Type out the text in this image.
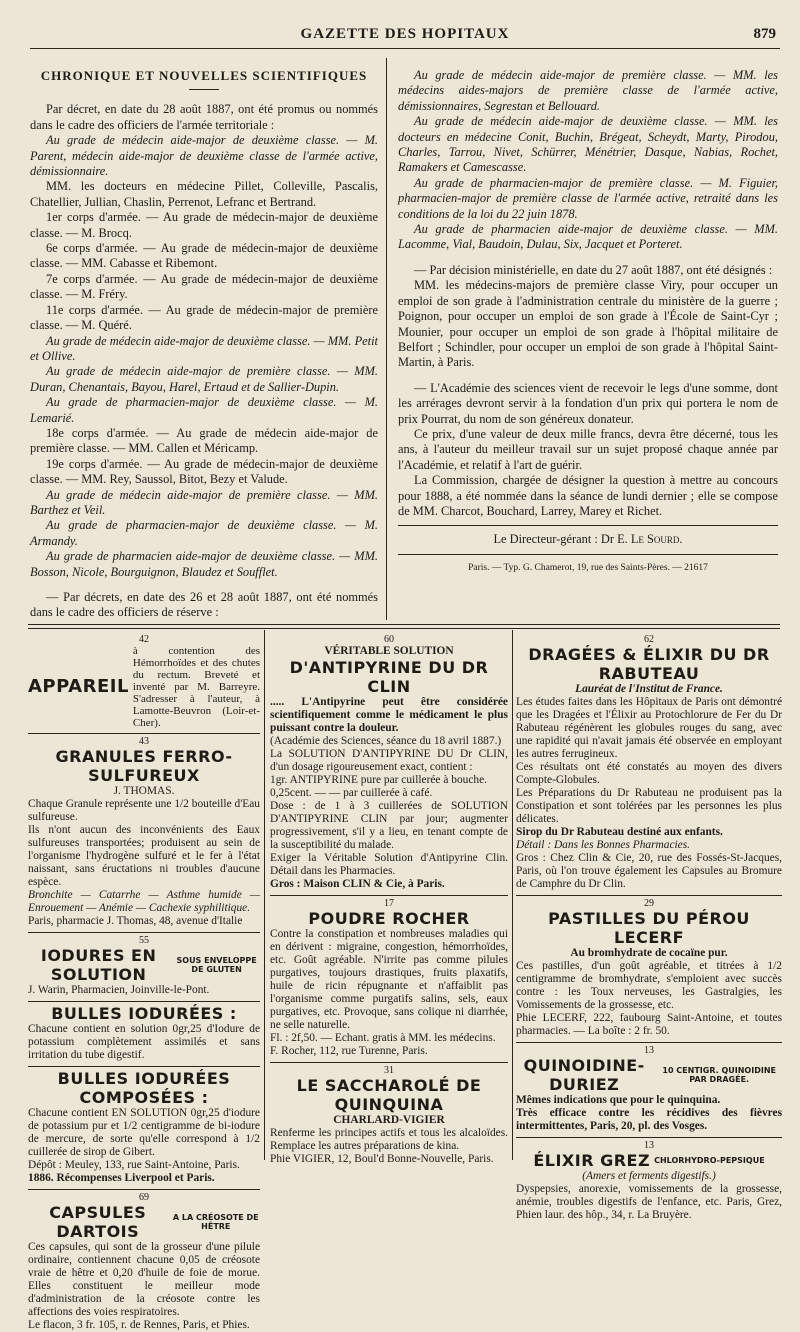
GAZETTE DES HOPITAUX	879
CHRONIQUE ET NOUVELLES SCIENTIFIQUES

Par décret, en date du 28 août 1887, ont été promus ou nommés dans le cadre des officiers de l'armée territoriale :

Au grade de médecin aide-major de deuxième classe. — M. Parent, médecin aide-major de deuxième classe de l'armée active, démissionnaire.

MM. les docteurs en médecine Pillet, Colleville, Pascalis, Chatellier, Jullian, Chaslin, Perrenot, Lefranc et Bertrand.

1er corps d'armée. — Au grade de médecin-major de deuxième classe. — M. Brocq.

6e corps d'armée. — Au grade de médecin-major de deuxième classe. — MM. Cabasse et Ribemont.

7e corps d'armée. — Au grade de médecin-major de deuxième classe. — M. Fréry.

11e corps d'armée. — Au grade de médecin-major de première classe. — M. Quéré.

Au grade de médecin aide-major de deuxième classe. — MM. Petit et Ollive.

Au grade de médecin aide-major de première classe. — MM. Duran, Chenantais, Bayou, Harel, Ertaud et de Sallier-Dupin.

Au grade de pharmacien-major de deuxième classe. — M. Lemarié.

18e corps d'armée. — Au grade de médecin aide-major de première classe. — MM. Callen et Méricamp.

19e corps d'armée. — Au grade de médecin-major de deuxième classe. — MM. Rey, Saussol, Bitot, Bezy et Valude.

Au grade de médecin aide-major de première classe. — MM. Barthez et Veil.

Au grade de pharmacien-major de deuxième classe. — M. Armandy.

Au grade de pharmacien aide-major de deuxième classe. — MM. Bosson, Nicole, Bourguignon, Blaudez et Soufflet.

— Par décrets, en date des 26 et 28 août 1887, ont été nommés dans le cadre des officiers de réserve :

Au grade de médecin aide-major de première classe. — MM. les médecins aides-majors de première classe de l'armée active, démissionnaires, Segrestan et Bellouard.

Au grade de médecin aide-major de deuxième classe. — MM. les docteurs en médecine Conit, Buchin, Brégeat, Scheydt, Marty, Pirodou, Charles, Tarrou, Nivet, Schürrer, Ménétrier, Dasque, Nabias, Rochet, Ramakers et Camescasse.

Au grade de pharmacien-major de première classe. — M. Figuier, pharmacien-major de première classe de l'armée active, retraité dans les conditions de la loi du 22 juin 1878.

Au grade de pharmacien aide-major de deuxième classe. — MM. Lacomme, Vial, Baudoin, Dulau, Six, Jacquet et Porteret.

— Par décision ministérielle, en date du 27 août 1887, ont été désignés :

MM. les médecins-majors de première classe Viry, pour occuper un emploi de son grade à l'administration centrale du ministère de la guerre ; Poignon, pour occuper un emploi de son grade à l'École de Saint-Cyr ; Mounier, pour occuper un emploi de son grade à l'hôpital militaire de Belfort ; Schindler, pour occuper un emploi de son grade à l'hôpital Saint-Martin, à Paris.

— L'Académie des sciences vient de recevoir le legs d'une somme, dont les arrérages devront servir à la fondation d'un prix qui portera le nom de prix Pourrat, du nom de son généreux donateur.

Ce prix, d'une valeur de deux mille francs, devra être décerné, tous les ans, à l'auteur du meilleur travail sur un sujet proposé chaque année par l'Académie, et relatif à l'art de guérir.

La Commission, chargée de désigner la question à mettre au concours pour 1888, a été nommée dans la séance de lundi dernier ; elle se compose de MM. Charcot, Bouchard, Larrey, Marey et Richet.

Le Directeur-gérant : Dr E. Le Sourd.
Paris. — Typ. G. Chamerot, 19, rue des Saints-Pères. — 21617
42
APPAREIL

à contention des Hémorrhoïdes et des chutes du rectum. Breveté et inventé par M. Barreyre. S'adresser à l'auteur, à Lamotte-Beuvron (Loir-et-Cher).

43
GRANULES FERRO-SULFUREUX
J. THOMAS.

Chaque Granule représente une 1/2 bouteille d'Eau sulfureuse.

Ils n'ont aucun des inconvénients des Eaux sulfureuses transportées; produisent au sein de l'organisme l'hydrogène sulfuré et le fer à l'état naissant, sans éructations ni troubles d'aucune espèce.

Bronchite — Catarrhe — Asthme humide — Enrouement — Anémie — Cachexie syphilitique.

Paris, pharmacie J. Thomas, 48, avenue d'Italie

55
IODURES EN SOLUTION
SOUS ENVELOPPE DE GLUTEN

J. Warin, Pharmacien, Joinville-le-Pont.

BULLES IODURÉES :

Chacune contient en solution 0gr,25 d'Iodure de potassium complètement assimilés et sans irritation du tube digestif.

BULLES IODURÉES COMPOSÉES :

Chacune contient EN SOLUTION 0gr,25 d'iodure de potassium pur et 1/2 centigramme de bi-iodure de mercure, de sorte qu'elle correspond à 1/2 cuillerée de sirop de Gibert.

Dépôt : Meuley, 133, rue Saint-Antoine, Paris.

1886. Récompenses Liverpool et Paris.

69
CAPSULES DARTOIS
A LA CRÉOSOTE DE HÊTRE

Ces capsules, qui sont de la grosseur d'une pilule ordinaire, contiennent chacune 0,05 de créosote vraie de hêtre et 0,20 d'huile de foie de morue. Elles constituent le meilleur mode d'administration de la créosote contre les affections des voies respiratoires.

Le flacon, 3 fr. 105, r. de Rennes, Paris, et Phies.

60
VÉRITABLE SOLUTION
D'ANTIPYRINE DU DR CLIN

..... L'Antipyrine peut être considérée scientifiquement comme le médicament le plus puissant contre la douleur.

(Académie des Sciences, séance du 18 avril 1887.)

La SOLUTION D'ANTIPYRINE DU Dr CLIN, d'un dosage rigoureusement exact, contient :

1gr. ANTIPYRINE pure par cuillerée à bouche.

0,25cent. — — par cuillerée à café.

Dose : de 1 à 3 cuillerées de SOLUTION D'ANTIPYRINE CLIN par jour; augmenter progressivement, s'il y a lieu, en tenant compte de la susceptibilité du malade.

Exiger la Véritable Solution d'Antipyrine Clin. Détail dans les Pharmacies.

Gros : Maison CLIN & Cie, à Paris.

17
POUDRE ROCHER

Contre la constipation et nombreuses maladies qui en dérivent : migraine, congestion, hémorrhoïdes, etc. Goût agréable. N'irrite pas comme pilules purgatives, toujours drastiques, fruits plaxatifs, huile de ricin répugnante et n'affaiblit pas l'organisme comme purgatifs salins, sels, eaux purgatives, etc. Provoque, sans colique ni diarrhée, ne selle naturelle.

Fl. : 2f,50. — Echant. gratis à MM. les médecins.

F. Rocher, 112, rue Turenne, Paris.

31
LE SACCHAROLÉ DE QUINQUINA
CHARLARD-VIGIER

Renferme les principes actifs et tous les alcaloïdes. Remplace les autres préparations de kina.

Phie VIGIER, 12, Boul'd Bonne-Nouvelle, Paris.

62
DRAGÉES & ÉLIXIR DU DR RABUTEAU
Lauréat de l'Institut de France.

Les études faites dans les Hôpitaux de Paris ont démontré que les Dragées et l'Élixir au Protochlorure de Fer du Dr Rabuteau régénèrent les globules rouges du sang, avec une rapidité qui n'avait jamais été observée en employant les autres ferrugineux.

Ces résultats ont été constatés au moyen des divers Compte-Globules.

Les Préparations du Dr Rabuteau ne produisent pas la Constipation et sont tolérées par les personnes les plus délicates.

Sirop du Dr Rabuteau destiné aux enfants.

Détail : Dans les Bonnes Pharmacies.

Gros : Chez Clin & Cie, 20, rue des Fossés-St-Jacques, Paris, où l'on trouve également les Capsules au Bromure de Camphre du Dr Clin.

29
PASTILLES DU PÉROU LECERF
Au bromhydrate de cocaïne pur.

Ces pastilles, d'un goût agréable, et titrées à 1/2 centigramme de bromhydrate, s'emploient avec succès contre : les Toux nerveuses, les Gastralgies, les Vomissements de la grossesse, etc.

Phie LECERF, 222, faubourg Saint-Antoine, et toutes pharmacies. — La boîte : 2 fr. 50.

13
QUINOIDINE-DURIEZ
10 CENTIGR. QUINOIDINE PAR DRAGÉE.

Mêmes indications que pour le quinquina.

Très efficace contre les récidives des fièvres intermittentes, Paris, 20, pl. des Vosges.

13
ÉLIXIR GREZ CHLORHYDRO-PEPSIQUE
(Amers et ferments digestifs.)

Dyspepsies, anorexie, vomissements de la grossesse, anémie, troubles digestifs de l'enfance, etc. Paris, Grez, Phien laur. des hôp., 34, r. La Bruyère.
